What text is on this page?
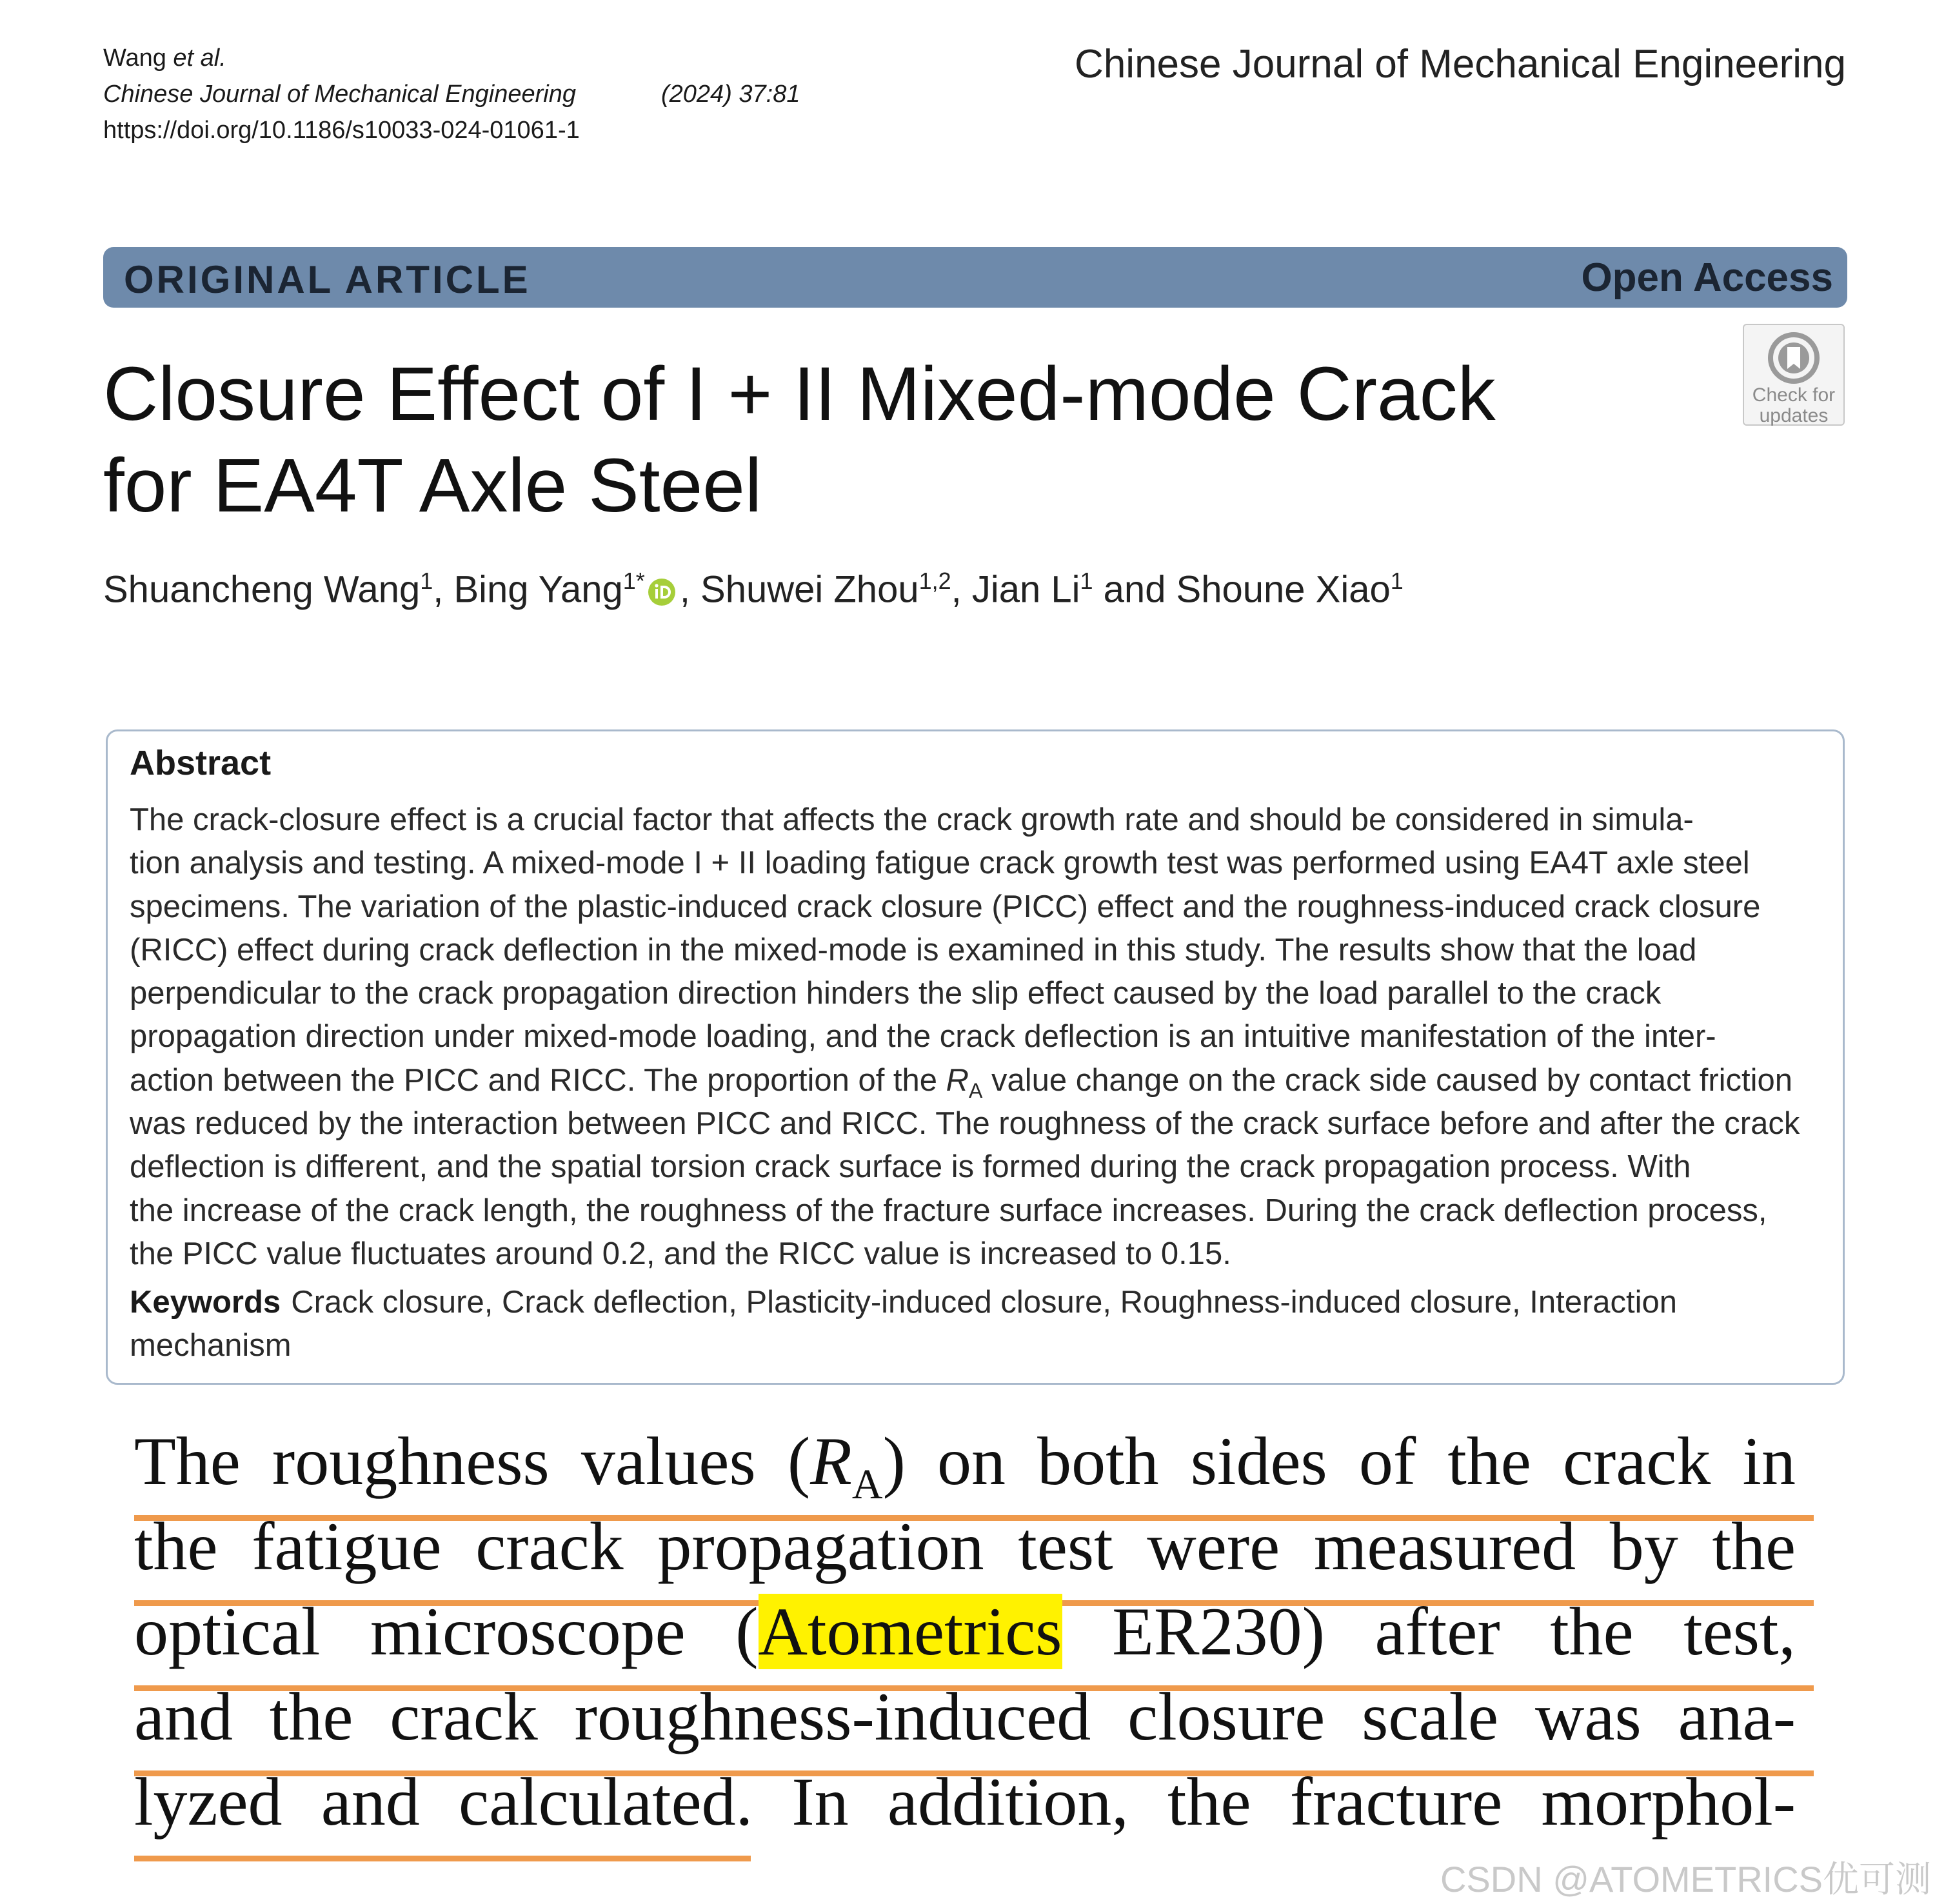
Wang et al.
Chinese Journal of Mechanical Engineering	(2024) 37:81
https://doi.org/10.1186/s10033-024-01061-1
Chinese Journal of Mechanical Engineering
ORIGINAL ARTICLE	Open Access
Closure Effect of I + II Mixed-mode Crack
for EA4T Axle Steel
Check for
updates
Shuancheng Wang$^1$, Bing Yang$^{1*}$ , Shuwei Zhou$^{1,2}$, Jian Li$^1$ and Shoune Xiao$^1$
Abstract
The crack-closure effect is a crucial factor that affects the crack growth rate and should be considered in simula-
tion analysis and testing. A mixed-mode I + II loading fatigue crack growth test was performed using EA4T axle steel
specimens. The variation of the plastic-induced crack closure (PICC) effect and the roughness-induced crack closure
(RICC) effect during crack deflection in the mixed-mode is examined in this study. The results show that the load
perpendicular to the crack propagation direction hinders the slip effect caused by the load parallel to the crack
propagation direction under mixed-mode loading, and the crack deflection is an intuitive manifestation of the inter-
action between the PICC and RICC. The proportion of the $R_A$ value change on the crack side caused by contact friction
was reduced by the interaction between PICC and RICC. The roughness of the crack surface before and after the crack
deflection is different, and the spatial torsion crack surface is formed during the crack propagation process. With
the increase of the crack length, the roughness of the fracture surface increases. During the crack deflection process,
the PICC value fluctuates around 0.2, and the RICC value is increased to 0.15.
Keywords Crack closure, Crack deflection, Plasticity-induced closure, Roughness-induced closure, Interaction
mechanism
The roughness values $(R_A)$ on both sides of the crack in
the fatigue crack propagation test were measured by the
optical microscope (Atometrics ER230) after the test,
and the crack roughness-induced closure scale was ana-
lyzed and calculated. In addition, the fracture morphol-
CSDN @ATOMETRICS优可测
